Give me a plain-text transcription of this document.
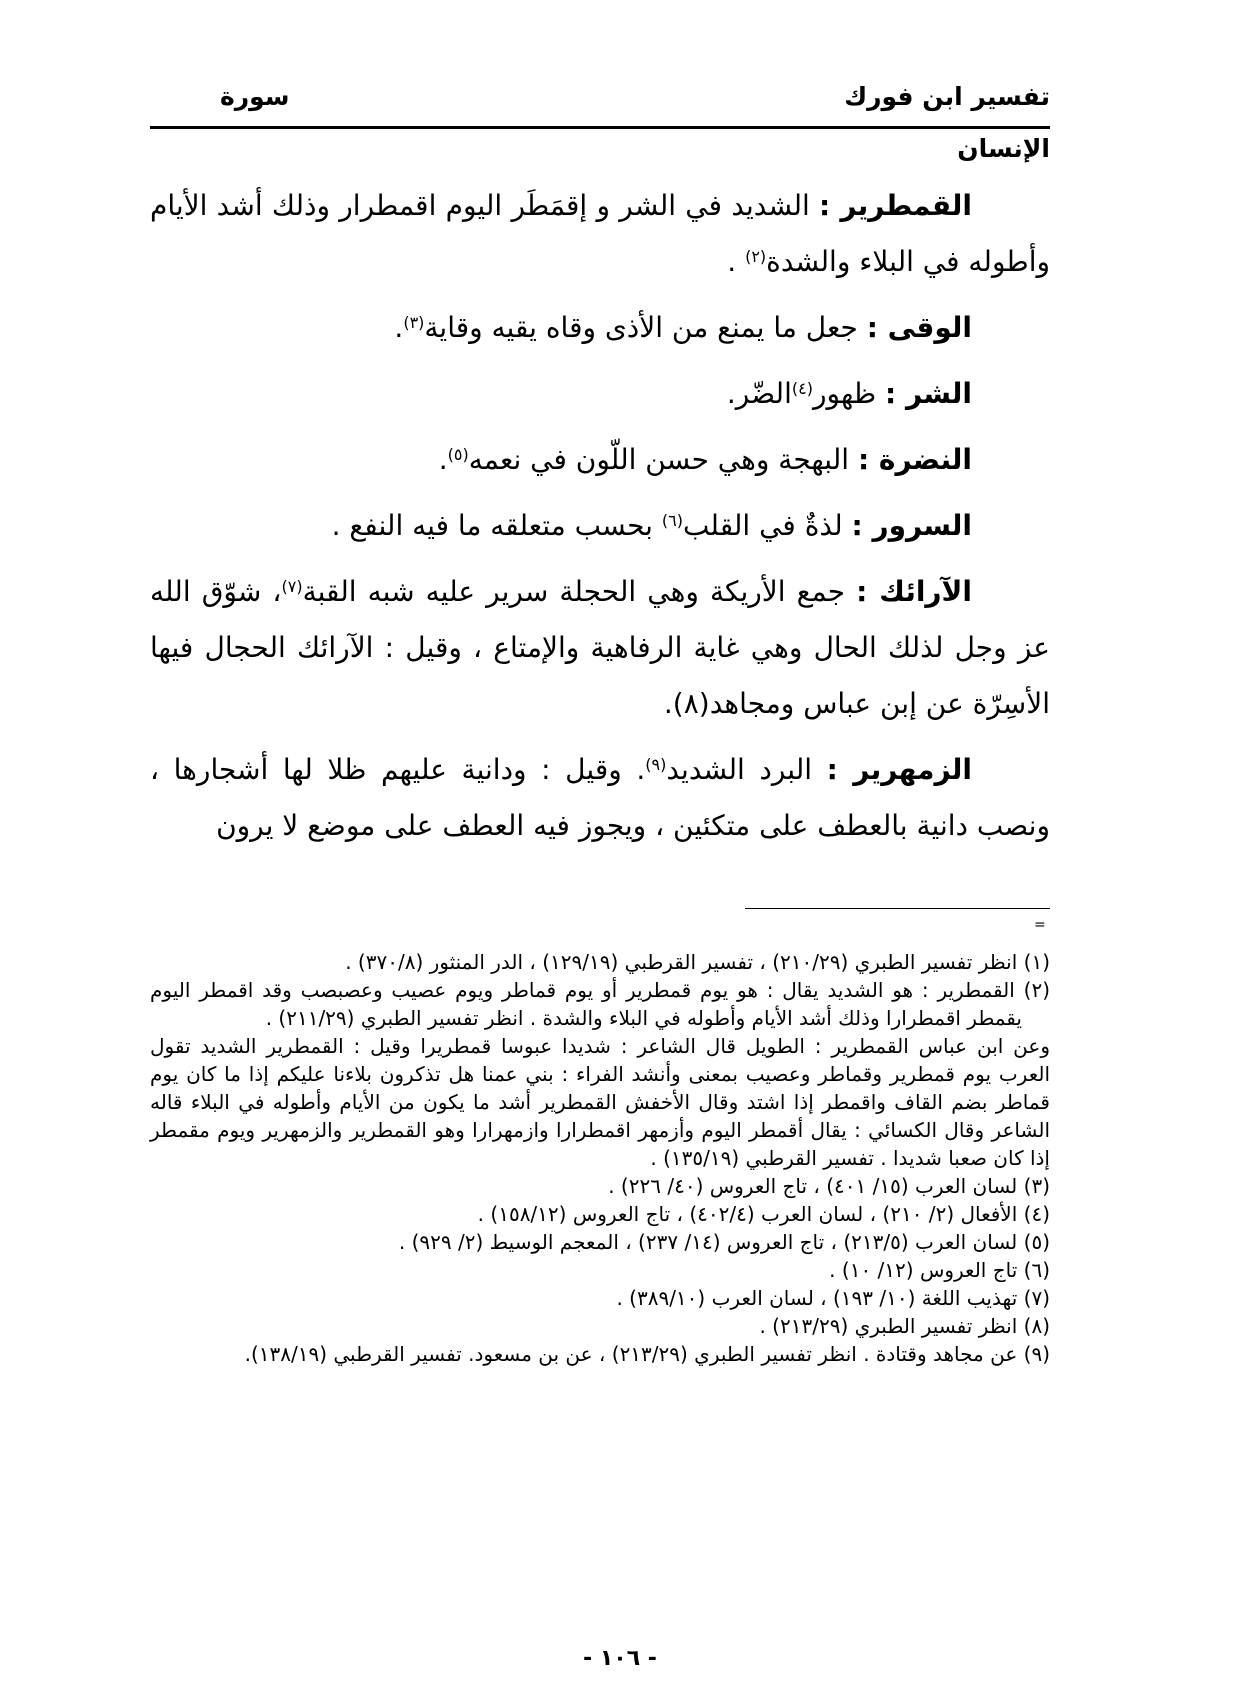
تفسير ابن فورك
سورة
الإنسان

القمطرير : الشديد في الشر و إقمَطَر اليوم اقمطرار وذلك أشد الأيام وأطوله في البلاء والشدة$^{(٢)}$ .

الوقى : جعل ما يمنع من الأذى وقاه يقيه وقاية$^{(٣)}$.

الشر : ظهور$^{(٤)}$الضّر.

النضرة : البهجة وهي حسن اللّون في نعمه$^{(٥)}$.

السرور : لذةٌ في القلب$^{(٦)}$ بحسب متعلقه ما فيه النفع .

الآرائك : جمع الأريكة وهي الحجلة سرير عليه شبه القبة$^{(٧)}$، شوّق الله عز وجل لذلك الحال وهي غاية الرفاهية والإمتاع ، وقيل : الآرائك الحجال فيها الأسِرّة عن إبن عباس ومجاهد(٨).

الزمهرير : البرد الشديد$^{(٩)}$. وقيل : ودانية عليهم ظلا لها أشجارها ، ونصب دانية بالعطف على متكئين ، ويجوز فيه العطف على موضع لا يرون

=

(١) انظر تفسير الطبري (٢١٠/٢٩) ، تفسير القرطبي (١٢٩/١٩) ، الدر المنثور (٣٧٠/٨) .

(٢) القمطرير : هو الشديد يقال : هو يوم قمطرير أو يوم قماطر ويوم عصيب وعصبصب وقد اقمطر اليوم يقمطر اقمطرارا وذلك أشد الأيام وأطوله في البلاء والشدة . انظر تفسير الطبري (٢١١/٢٩) .

وعن ابن عباس القمطرير : الطويل قال الشاعر : شديدا عبوسا قمطريرا وقيل : القمطرير الشديد تقول العرب يوم قمطرير وقماطر وعصيب بمعنى وأنشد الفراء : بني عمنا هل تذكرون بلاءنا عليكم إذا ما كان يوم قماطر بضم القاف واقمطر إذا اشتد وقال الأخفش القمطرير أشد ما يكون من الأيام وأطوله في البلاء قاله الشاعر وقال الكسائي : يقال أقمطر اليوم وأزمهر اقمطرارا وازمهرارا وهو القمطرير والزمهرير ويوم مقمطر إذا كان صعبا شديدا . تفسير القرطبي (١٣٥/١٩) .

(٣) لسان العرب (١٥/ ٤٠١) ، تاج العروس (٤٠/ ٢٢٦) .

(٤) الأفعال (٢/ ٢١٠) ، لسان العرب (٤٠٢/٤) ، تاج العروس (١٥٨/١٢) .

(٥) لسان العرب (٢١٣/٥) ، تاج العروس (١٤/ ٢٣٧) ، المعجم الوسيط (٢/ ٩٢٩) .

(٦) تاج العروس (١٢/ ١٠) .

(٧) تهذيب اللغة (١٠/ ١٩٣) ، لسان العرب (٣٨٩/١٠) .

(٨) انظر تفسير الطبري (٢١٣/٢٩) .

(٩) عن مجاهد وقتادة . انظر تفسير الطبري (٢١٣/٢٩) ، عن بن مسعود. تفسير القرطبي (١٣٨/١٩).

- ١٠٦ -
